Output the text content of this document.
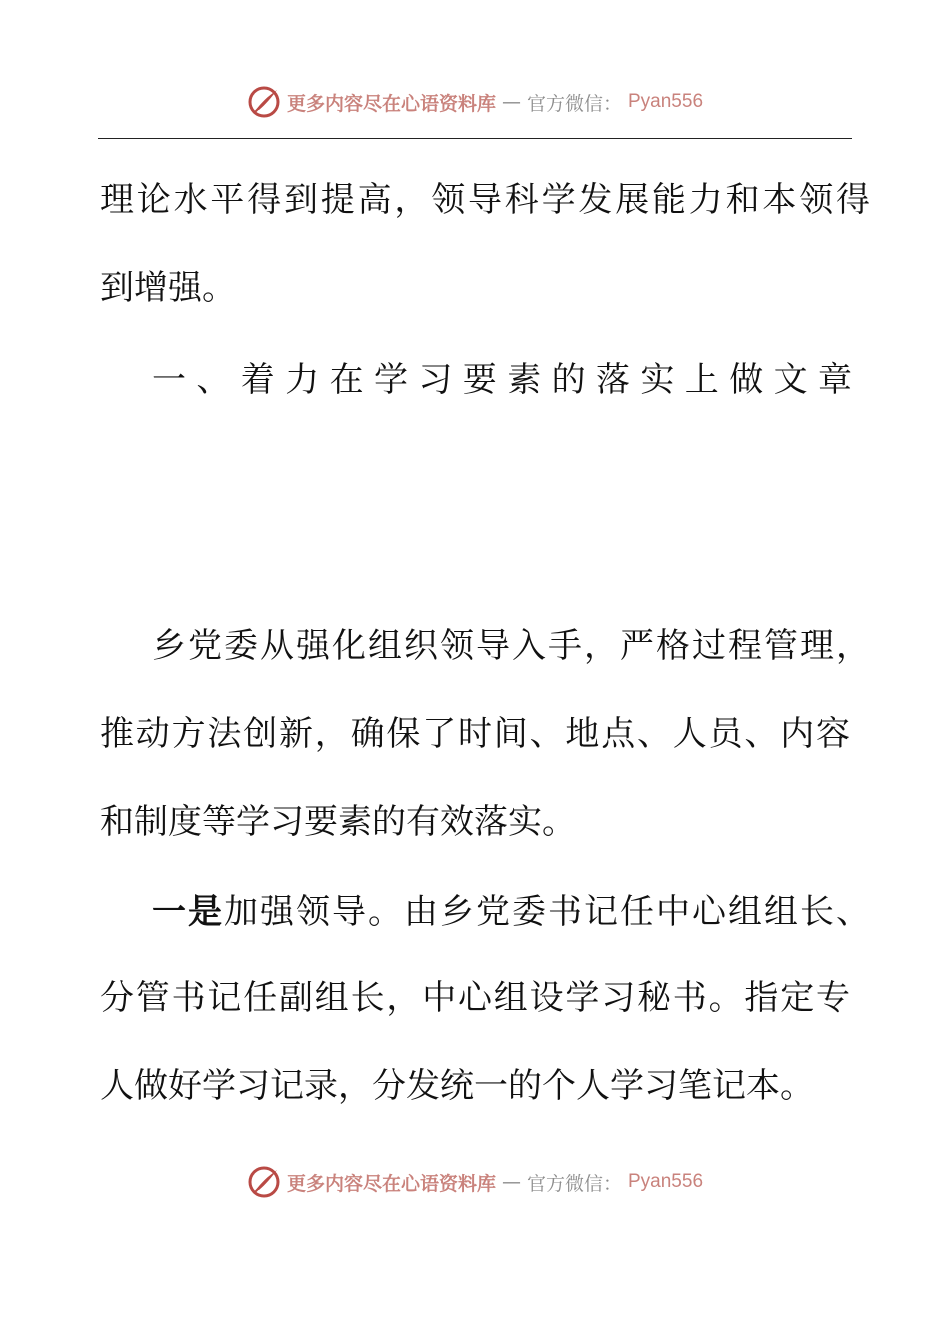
更多内容尽在心语资料库 — 官方微信： Pyan556
理论水平得到提高，领导科学发展能力和本领得
到增强。
一、着力在学习要素的落实上做文章
乡党委从强化组织领导入手，严格过程管理，
推动方法创新，确保了时间、地点、人员、内容
和制度等学习要素的有效落实。
一是加强领导。由乡党委书记任中心组组长、
分管书记任副组长，中心组设学习秘书。指定专
人做好学习记录，分发统一的个人学习笔记本。
更多内容尽在心语资料库 — 官方微信： Pyan556
